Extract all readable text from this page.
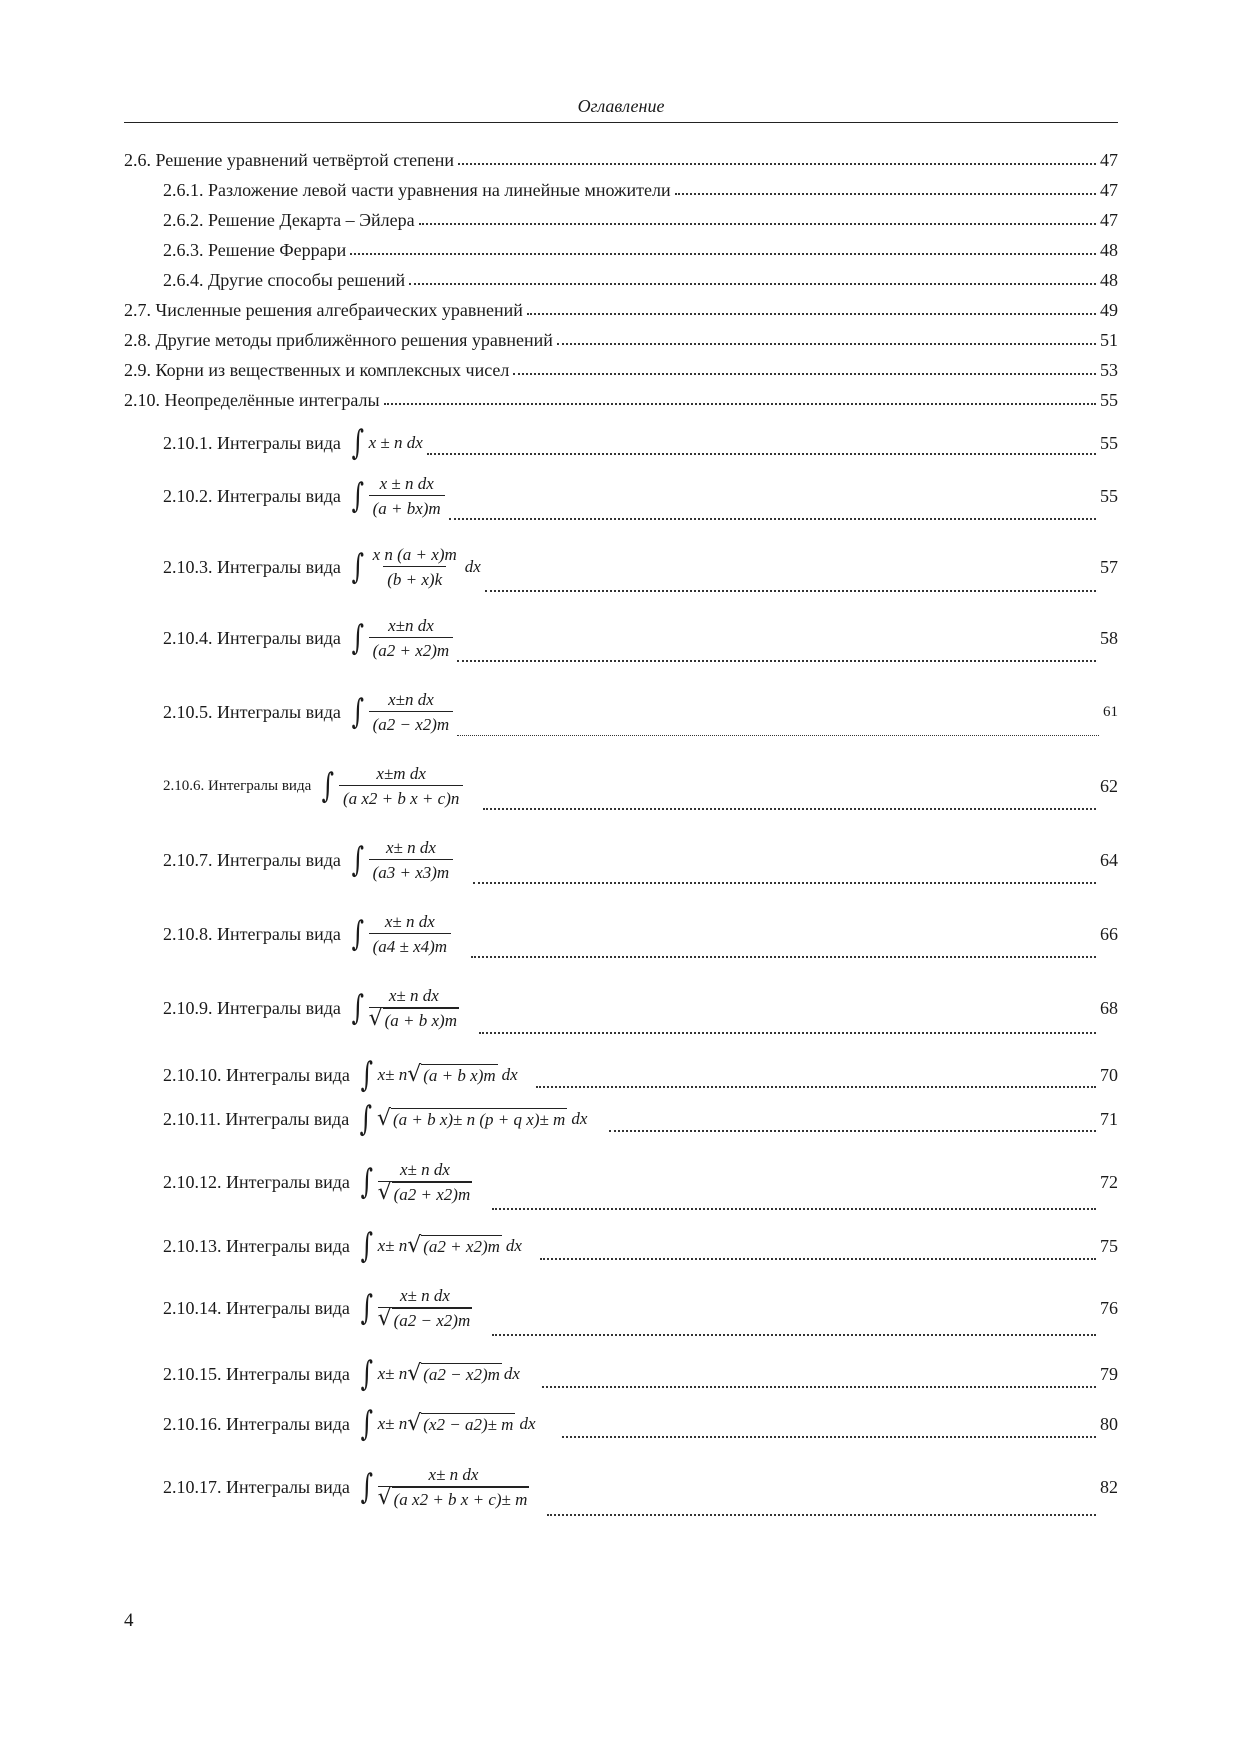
Оглавление
2.6. Решение уравнений четвёртой степени	47
2.6.1. Разложение левой части уравнения на линейные множители	47
2.6.2. Решение Декарта – Эйлера	47
2.6.3. Решение Феррари	48
2.6.4. Другие способы решений	48
2.7. Численные решения алгебраических уравнений	49
2.8. Другие методы приближённого решения уравнений	51
2.9. Корни из вещественных и комплексных чисел	53
2.10. Неопределённые интегралы	55
2.10.1. Интегралы вида ∫ x ± n dx	55
2.10.2. Интегралы вида ∫ $\frac{\text{x ± n dx}}{(a + bx)m}$	55
2.10.3. Интегралы вида ∫ $\frac{\text{x n (a + x)m}}{(b + x)k}$ dx	57
2.10.4. Интегралы вида ∫ $\frac{\text{x±n dx}}{(a2 + x2)m}$	58
2.10.5. Интегралы вида ∫ $\frac{\text{x±n dx}}{(a2 - x2)m}$	61
2.10.6. Интегралы вида ∫ $\frac{\text{x±m dx}}{\text{(a x2 + b x + c)n}}$	62
2.10.7. Интегралы вида ∫ $\frac{\text{x± n dx}}{(a3 + x3)m}$	64
2.10.8. Интегралы вида ∫ $\frac{\text{x± n dx}}{(a4 \pm x4)m}$	66
2.10.9. Интегралы вида ∫ $\frac{\text{x± n dx}}{\text{√ (a + b x)m}}$	68
2.10.10. Интегралы вида ∫ x± n √ (a + b x)m dx	70
2.10.11. Интегралы вида ∫ √ (a + b x)± n (p + q x)± m dx	71
2.10.12. Интегралы вида ∫ $\frac{\text{x± n dx}}{√ (a2 + x2)m}$	72
2.10.13. Интегралы вида ∫ x± n √ (a2 + x2)m dx	75
2.10.14. Интегралы вида ∫ $\frac{\text{x± n dx}}{√ (a2 - x2)m}$	76
2.10.15. Интегралы вида ∫ x± n √ (a2 − x2)m dx	79
2.10.16. Интегралы вида ∫ x± n √ (x2 − a2)± m dx	80
2.10.17. Интегралы вида ∫ $\frac{\text{x± n dx}}{\text{√ (a x2 + b x + c)± m}}$	82
4
